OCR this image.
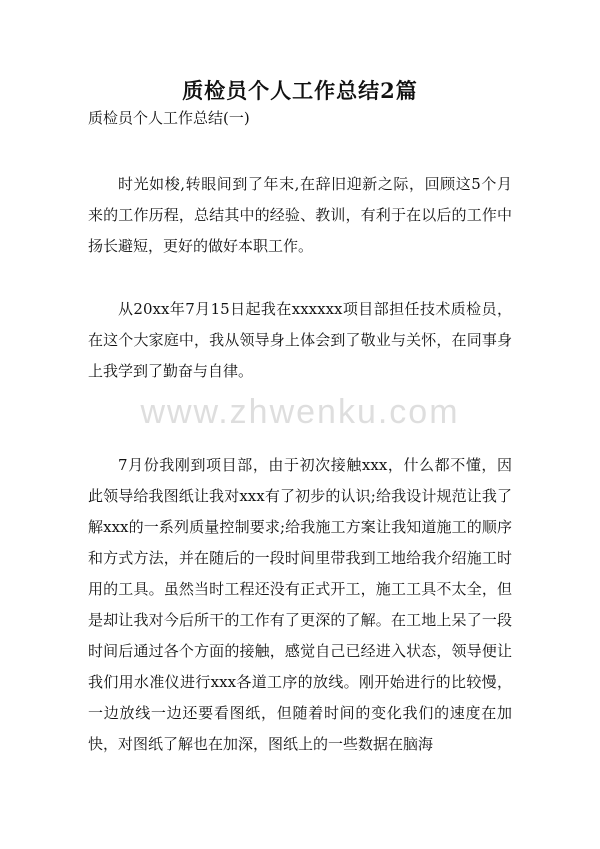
质检员个人工作总结2篇
质检员个人工作总结(一)

时光如梭,转眼间到了年末,在辞旧迎新之际，回顾这5个月来的工作历程，总结其中的经验、教训，有利于在以后的工作中扬长避短，更好的做好本职工作。

从20xx年7月15日起我在xxxxxx项目部担任技术质检员，在这个大家庭中，我从领导身上体会到了敬业与关怀，在同事身上我学到了勤奋与自律。

www.zhwenku.com

7月份我刚到项目部，由于初次接触xxx，什么都不懂，因此领导给我图纸让我对xxx有了初步的认识;给我设计规范让我了解xxx的一系列质量控制要求;给我施工方案让我知道施工的顺序和方式方法，并在随后的一段时间里带我到工地给我介绍施工时用的工具。虽然当时工程还没有正式开工，施工工具不太全，但是却让我对今后所干的工作有了更深的了解。在工地上呆了一段时间后通过各个方面的接触，感觉自己已经进入状态，领导便让我们用水准仪进行xxx各道工序的放线。刚开始进行的比较慢，一边放线一边还要看图纸，但随着时间的变化我们的速度在加快，对图纸了解也在加深，图纸上的一些数据在脑海
